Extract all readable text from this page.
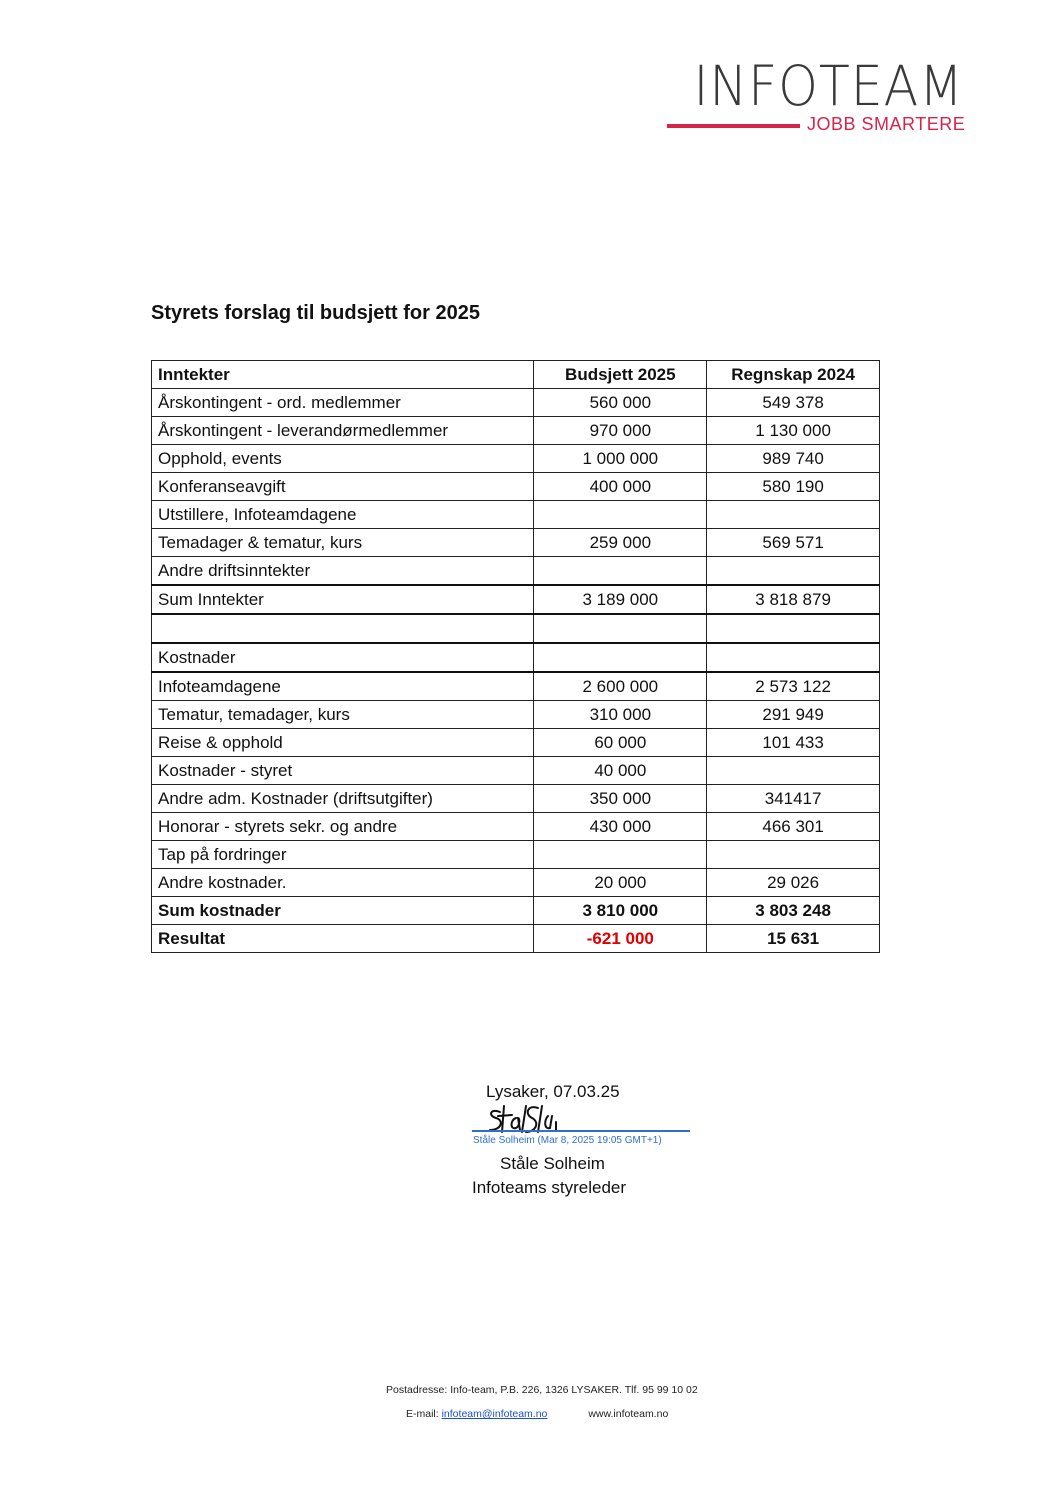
INFOTEAM
JOBB SMARTERE
Styrets forslag til budsjett for 2025
Inntekter	Budsjett 2025	Regnskap 2024
Årskontingent - ord. medlemmer	560 000	549 378
Årskontingent - leverandørmedlemmer	970 000	1 130 000
Opphold, events	1 000 000	989 740
Konferanseavgift	400 000	580 190
Utstillere, Infoteamdagene		
Temadager & tematur, kurs	259 000	569 571
Andre driftsinntekter		
Sum Inntekter	3 189 000	3 818 879

Kostnader		
Infoteamdagene	2 600 000	2 573 122
Tematur, temadager, kurs	310 000	291 949
Reise & opphold	60 000	101 433
Kostnader - styret	40 000	
Andre adm. Kostnader (driftsutgifter)	350 000	341417
Honorar - styrets sekr. og andre	430 000	466 301
Tap på fordringer		
Andre kostnader.	20 000	29 026
Sum kostnader	3 810 000	3 803 248
Resultat	-621 000	15 631
Lysaker, 07.03.25
Ståle Solheim (Mar 8, 2025 19:05 GMT+1)
Ståle Solheim
Infoteams styreleder
Postadresse: Info-team, P.B. 226, 1326 LYSAKER. Tlf. 95 99 10 02
E-mail: infoteam@infoteam.no	www.infoteam.no
